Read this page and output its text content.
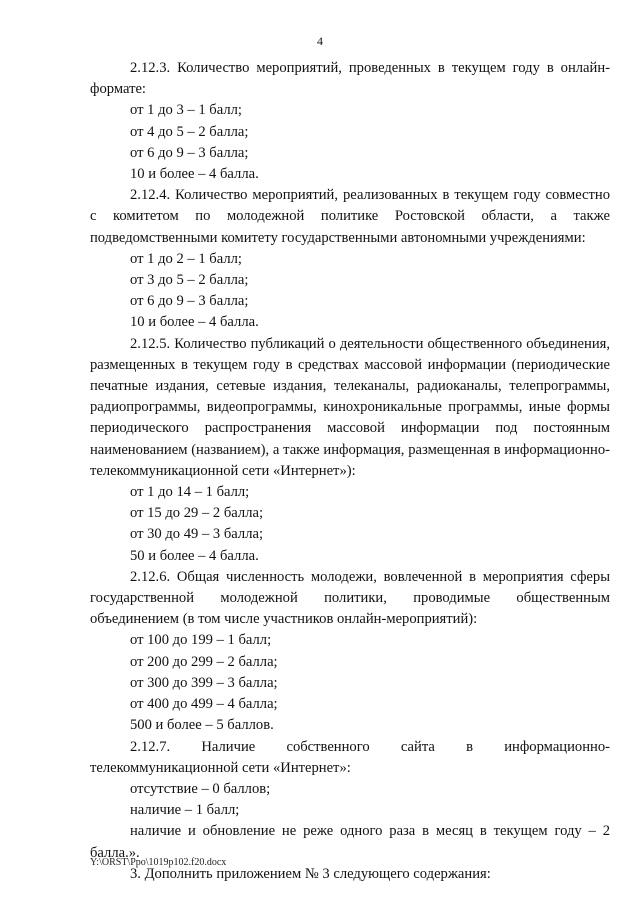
4

2.12.3. Количество мероприятий, проведенных в текущем году в онлайн-формате:

от 1 до 3 – 1 балл;

от 4 до 5 – 2 балла;

от 6 до 9 – 3 балла;

10 и более – 4 балла.

2.12.4. Количество мероприятий, реализованных в текущем году совместно с комитетом по молодежной политике Ростовской области, а также подведомственными комитету государственными автономными учреждениями:

от 1 до 2 – 1 балл;

от 3 до 5 – 2 балла;

от 6 до 9 – 3 балла;

10 и более – 4 балла.

2.12.5. Количество публикаций о деятельности общественного объединения, размещенных в текущем году в средствах массовой информации (периодические печатные издания, сетевые издания, телеканалы, радиоканалы, телепрограммы, радиопрограммы, видеопрограммы, кинохроникальные программы, иные формы периодического распространения массовой информации под постоянным наименованием (названием), а также информация, размещенная в информационно-телекоммуникационной сети «Интернет»):

от 1 до 14 – 1 балл;

от 15 до 29 – 2 балла;

от 30 до 49 – 3 балла;

50 и более – 4 балла.

2.12.6. Общая численность молодежи, вовлеченной в мероприятия сферы государственной молодежной политики, проводимые общественным объединением (в том числе участников онлайн-мероприятий):

от 100 до 199 – 1 балл;

от 200 до 299 – 2 балла;

от 300 до 399 – 3 балла;

от 400 до 499 – 4 балла;

500 и более – 5 баллов.

2.12.7. Наличие собственного сайта в информационно-телекоммуникационной сети «Интернет»:

отсутствие – 0 баллов;

наличие – 1 балл;

наличие и обновление не реже одного раза в месяц в текущем году – 2 балла.».

3. Дополнить приложением № 3 следующего содержания:

Y:\ORST\Ppo\1019p102.f20.docx
